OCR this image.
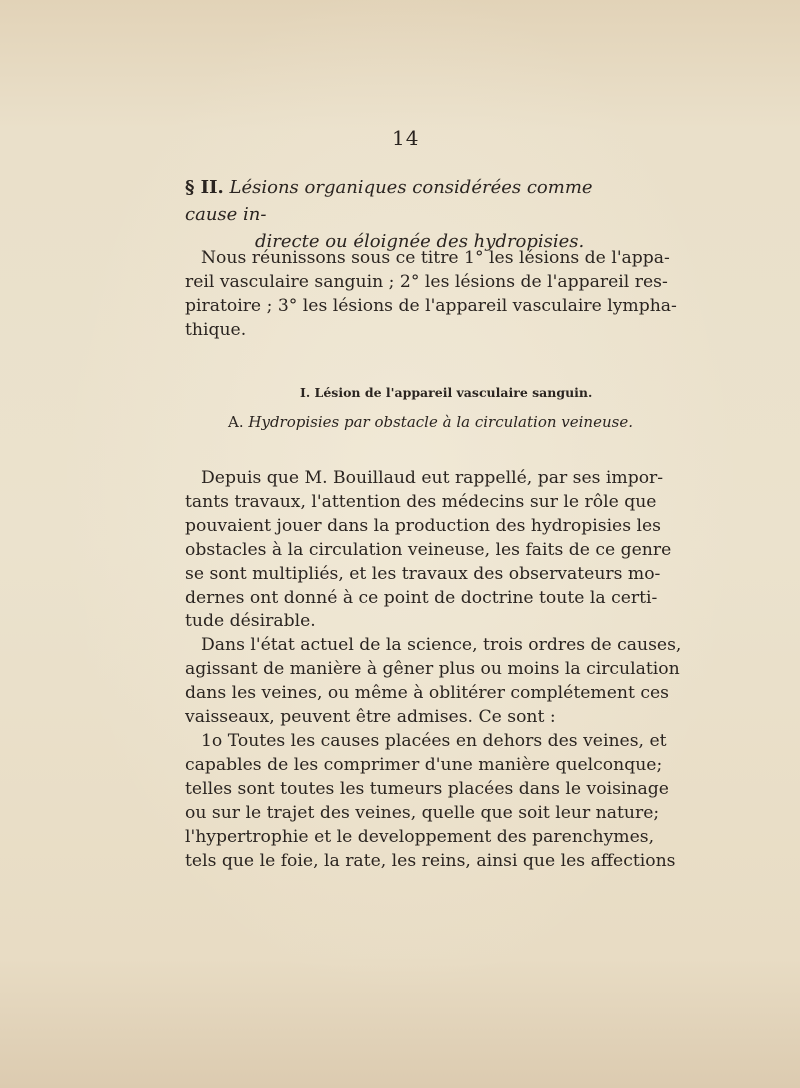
14
§ II. Lésions organiques considérées comme cause in-
directe ou éloignée des hydropisies.
Nous réunissons sous ce titre 1° les lésions de l'appa-
reil vasculaire sanguin ; 2° les lésions de l'appareil res-
piratoire ; 3° les lésions de l'appareil vasculaire lympha-
thique.
I. Lésion de l'appareil vasculaire sanguin.
A. Hydropisies par obstacle à la circulation veineuse.
Depuis que M. Bouillaud eut rappellé, par ses impor-
tants travaux, l'attention des médecins sur le rôle que
pouvaient jouer dans la production des hydropisies les
obstacles à la circulation veineuse, les faits de ce genre
se sont multipliés, et les travaux des observateurs mo-
dernes ont donné à ce point de doctrine toute la certi-
tude désirable.
Dans l'état actuel de la science, trois ordres de causes,
agissant de manière à gêner plus ou moins la circulation
dans les veines, ou même à oblitérer complétement ces
vaisseaux, peuvent être admises. Ce sont :
1o Toutes les causes placées en dehors des veines, et
capables de les comprimer d'une manière quelconque;
telles sont toutes les tumeurs placées dans le voisinage
ou sur le trajet des veines, quelle que soit leur nature;
l'hypertrophie et le developpement des parenchymes,
tels que le foie, la rate, les reins, ainsi que les affections
